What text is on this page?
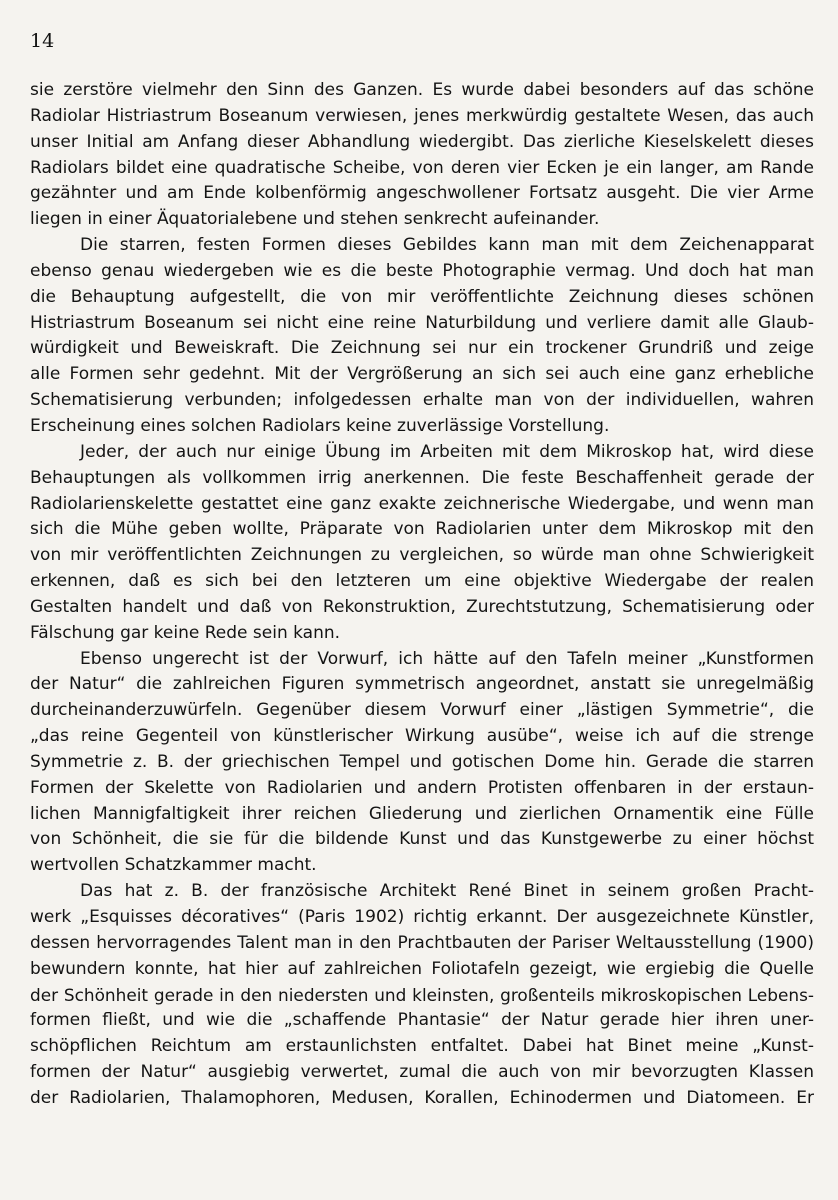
14
sie zerstöre vielmehr den Sinn des Ganzen. Es wurde dabei besonders auf das schöne
Radiolar Histriastrum Boseanum verwiesen, jenes merkwürdig gestaltete Wesen, das auch
unser Initial am Anfang dieser Abhandlung wiedergibt. Das zierliche Kieselskelett dieses
Radiolars bildet eine quadratische Scheibe, von deren vier Ecken je ein langer, am Rande
gezähnter und am Ende kolbenförmig angeschwollener Fortsatz ausgeht. Die vier Arme
liegen in einer Äquatorialebene und stehen senkrecht aufeinander.
Die starren, festen Formen dieses Gebildes kann man mit dem Zeichenapparat
ebenso genau wiedergeben wie es die beste Photographie vermag. Und doch hat man
die Behauptung aufgestellt, die von mir veröffentlichte Zeichnung dieses schönen
Histriastrum Boseanum sei nicht eine reine Naturbildung und verliere damit alle Glaub-
würdigkeit und Beweiskraft. Die Zeichnung sei nur ein trockener Grundriß und zeige
alle Formen sehr gedehnt. Mit der Vergrößerung an sich sei auch eine ganz erhebliche
Schematisierung verbunden; infolgedessen erhalte man von der individuellen, wahren
Erscheinung eines solchen Radiolars keine zuverlässige Vorstellung.
Jeder, der auch nur einige Übung im Arbeiten mit dem Mikroskop hat, wird diese
Behauptungen als vollkommen irrig anerkennen. Die feste Beschaffenheit gerade der
Radiolarienskelette gestattet eine ganz exakte zeichnerische Wiedergabe, und wenn man
sich die Mühe geben wollte, Präparate von Radiolarien unter dem Mikroskop mit den
von mir veröffentlichten Zeichnungen zu vergleichen, so würde man ohne Schwierigkeit
erkennen, daß es sich bei den letzteren um eine objektive Wiedergabe der realen
Gestalten handelt und daß von Rekonstruktion, Zurechtstutzung, Schematisierung oder
Fälschung gar keine Rede sein kann.
Ebenso ungerecht ist der Vorwurf, ich hätte auf den Tafeln meiner „Kunstformen
der Natur“ die zahlreichen Figuren symmetrisch angeordnet, anstatt sie unregelmäßig
durcheinanderzuwürfeln. Gegenüber diesem Vorwurf einer „lästigen Symmetrie“, die
„das reine Gegenteil von künstlerischer Wirkung ausübe“, weise ich auf die strenge
Symmetrie z. B. der griechischen Tempel und gotischen Dome hin. Gerade die starren
Formen der Skelette von Radiolarien und andern Protisten offenbaren in der erstaun-
lichen Mannigfaltigkeit ihrer reichen Gliederung und zierlichen Ornamentik eine Fülle
von Schönheit, die sie für die bildende Kunst und das Kunstgewerbe zu einer höchst
wertvollen Schatzkammer macht.
Das hat z. B. der französische Architekt René Binet in seinem großen Pracht-
werk „Esquisses décoratives“ (Paris 1902) richtig erkannt. Der ausgezeichnete Künstler,
dessen hervorragendes Talent man in den Prachtbauten der Pariser Weltausstellung (1900)
bewundern konnte, hat hier auf zahlreichen Foliotafeln gezeigt, wie ergiebig die Quelle
der Schönheit gerade in den niedersten und kleinsten, großenteils mikroskopischen Lebens-
formen fließt, und wie die „schaffende Phantasie“ der Natur gerade hier ihren uner-
schöpflichen Reichtum am erstaunlichsten entfaltet. Dabei hat Binet meine „Kunst-
formen der Natur“ ausgiebig verwertet, zumal die auch von mir bevorzugten Klassen
der Radiolarien, Thalamophoren, Medusen, Korallen, Echinodermen und Diatomeen. Er
